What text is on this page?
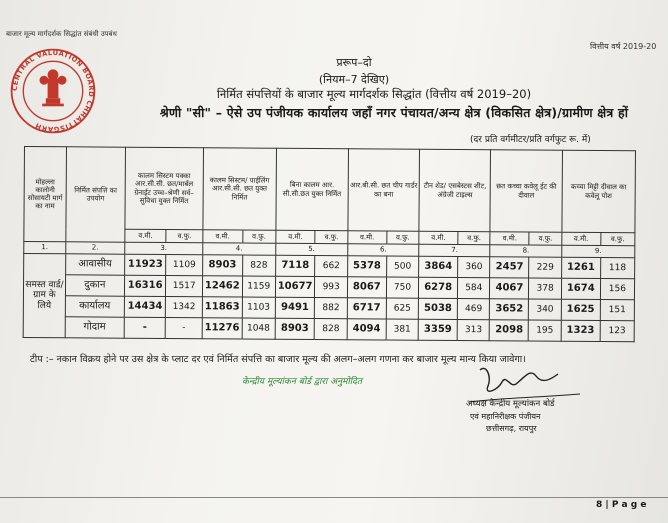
बाजार मूल्य मार्गदर्शक सिद्धांत संबंधी उपबंध
वित्तीय वर्ष 2019-20
CENTRAL VALUATION BOARD CHHATTISGARH
प्ररूप–दो
(नियम–7 देखिए)
निर्मित संपत्तियों के बाजार मूल्य मार्गदर्शक सिद्धांत (वित्तीय वर्ष 2019–20)
श्रेणी "सी" – ऐसे उप पंजीयक कार्यालय जहाँ नगर पंचायत/अन्य क्षेत्र (विकसित क्षेत्र)/ग्रामीण क्षेत्र हों
(दर प्रति वर्गमीटर/प्रति वर्गफुट रू. में)
मोहल्ला कालोनी सोसायटी मार्ग का नाम	निर्मित संपत्ति का उपयोग	कालम सिस्टम पक्का आर.सी.सी. छत/मार्बल ग्रेनाईट उच्च–श्रेणी सर्व–सुविधा युक्त निर्मित		कालम सिस्टम/ पाईलिंग आर.सी.सी. छत युक्त निर्मित		बिना कालम आर. सी.सी.छत युक्त निर्मित		आर.बी.सी. छत चीप गार्डर का बना		टीन शेड/ एसबेस्टस शीट, अंग्रेजी टाइल्स		छत कच्चा कवेलू ईट की दीवाल		कच्चा मिट्टी दीवाल का कवेलू पोश	
		व.मी.	व.फु.	व.मी.	व.फु.	व.मी.	व.फु.	व.मी.	व.फु.	व.मी.	व.फु.	व.मी.	व.फु.	व.मी.	व.फु.
1.	2.	3.		4.		5.		6.		7.		8.		9.	
समस्त वार्ड/ग्राम के लिये	आवासीय	11923	1109	8903	828	7118	662	5378	500	3864	360	2457	229	1261	118
	दुकान	16316	1517	12462	1159	10677	993	8067	750	6278	584	4067	378	1674	156
	कार्यालय	14434	1342	11863	1103	9491	882	6717	625	5038	469	3652	340	1625	151
	गोदाम	-	-	11276	1048	8903	828	4094	381	3359	313	2098	195	1323	123
टीप :– नकान विक्रय होने पर उस क्षेत्र के प्लाट दर एवं निर्मित संपत्ति का बाजार मूल्य की अलग–अलग गणना कर बाजार मूल्य मान्य किया जावेगा।
केन्द्रीय मूल्यांकन बोर्ड द्वारा अनुमोदित
अध्यक्ष केन्द्रीय मूल्यांकन बोर्ड
एवं महानिरीक्षक पंजीयन
छत्तीसगढ़, रायपुर
8 | P a g e
